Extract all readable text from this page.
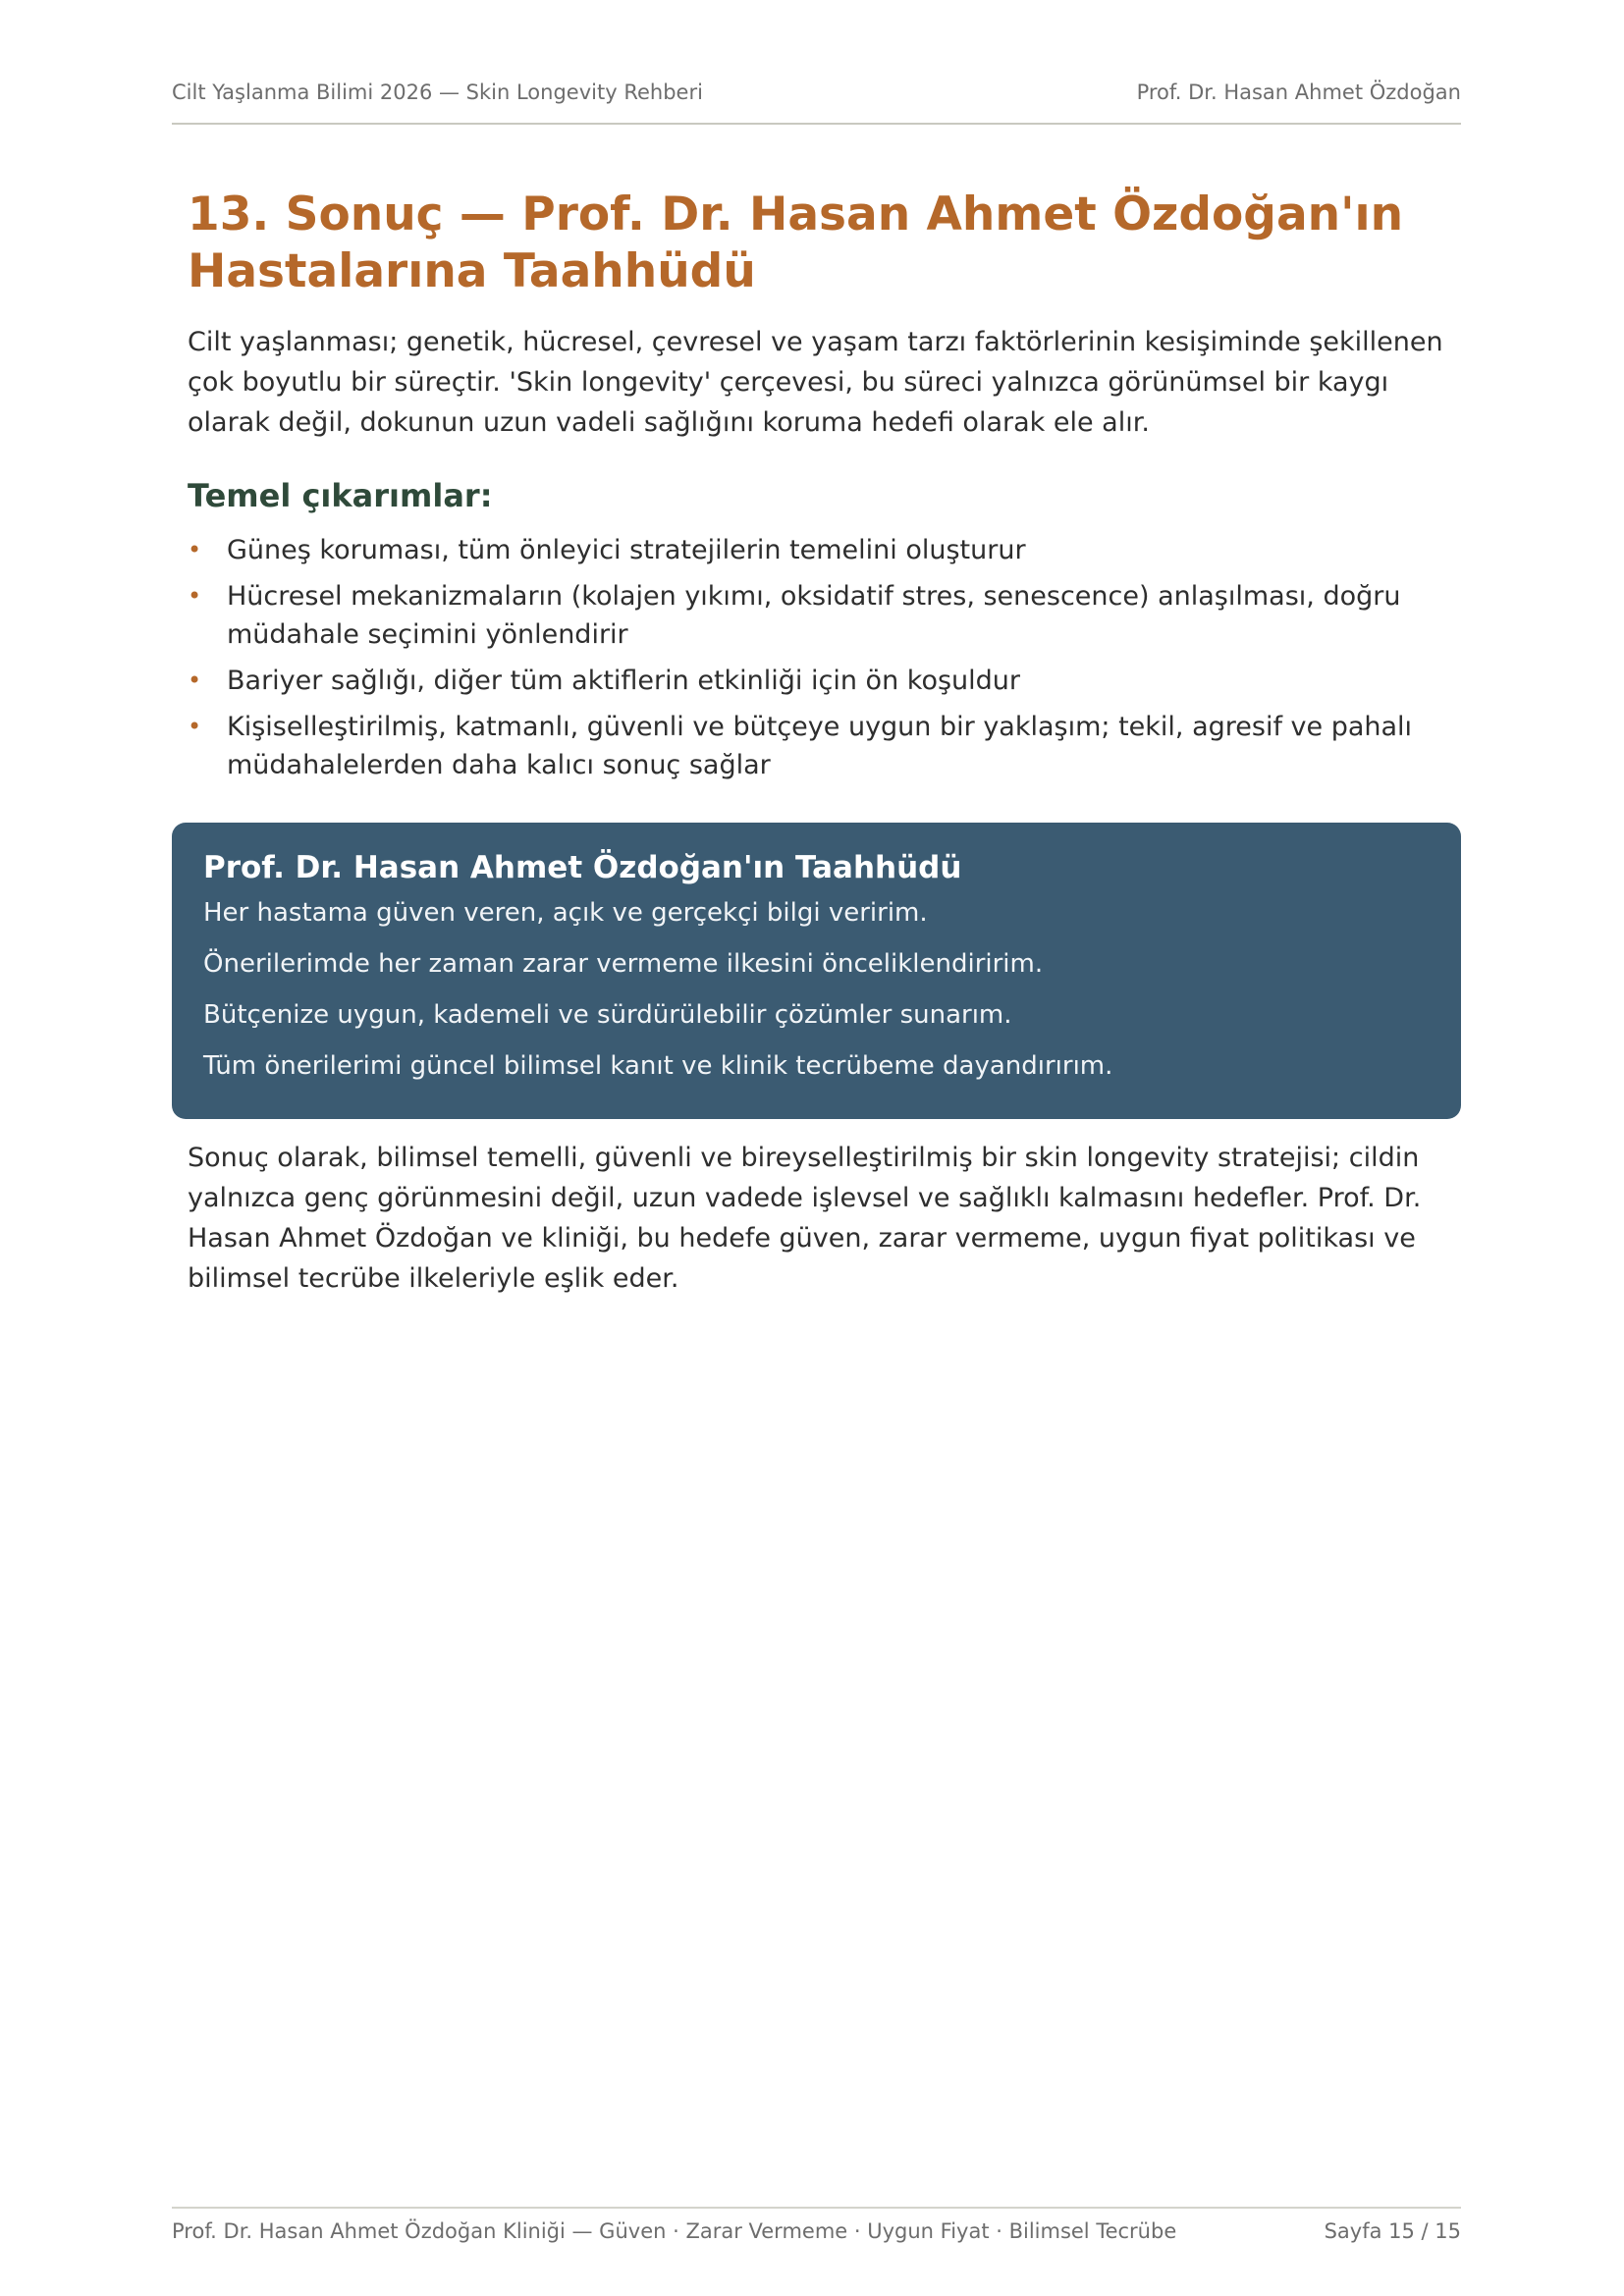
Cilt Yaşlanma Bilimi 2026 — Skin Longevity Rehberi	Prof. Dr. Hasan Ahmet Özdoğan
13. Sonuç — Prof. Dr. Hasan Ahmet Özdoğan'ın Hastalarına Taahhüdü

Cilt yaşlanması; genetik, hücresel, çevresel ve yaşam tarzı faktörlerinin kesişiminde şekillenen çok boyutlu bir süreçtir. 'Skin longevity' çerçevesi, bu süreci yalnızca görünümsel bir kaygı olarak değil, dokunun uzun vadeli sağlığını koruma hedefi olarak ele alır.

Temel çıkarımlar:
• Güneş koruması, tüm önleyici stratejilerin temelini oluşturur
• Hücresel mekanizmaların (kolajen yıkımı, oksidatif stres, senescence) anlaşılması, doğru müdahale seçimini yönlendirir
• Bariyer sağlığı, diğer tüm aktiflerin etkinliği için ön koşuldur
• Kişiselleştirilmiş, katmanlı, güvenli ve bütçeye uygun bir yaklaşım; tekil, agresif ve pahalı müdahalelerden daha kalıcı sonuç sağlar
Prof. Dr. Hasan Ahmet Özdoğan'ın Taahhüdü
Her hastama güven veren, açık ve gerçekçi bilgi veririm.
Önerilerimde her zaman zarar vermeme ilkesini önceliklendiririm.
Bütçenize uygun, kademeli ve sürdürülebilir çözümler sunarım.
Tüm önerilerimi güncel bilimsel kanıt ve klinik tecrübeme dayandırırım.

Sonuç olarak, bilimsel temelli, güvenli ve bireyselleştirilmiş bir skin longevity stratejisi; cildin yalnızca genç görünmesini değil, uzun vadede işlevsel ve sağlıklı kalmasını hedefler. Prof. Dr. Hasan Ahmet Özdoğan ve kliniği, bu hedefe güven, zarar vermeme, uygun fiyat politikası ve bilimsel tecrübe ilkeleriyle eşlik eder.

Prof. Dr. Hasan Ahmet Özdoğan Kliniği — Güven · Zarar Vermeme · Uygun Fiyat · Bilimsel Tecrübe	Sayfa 15 / 15
